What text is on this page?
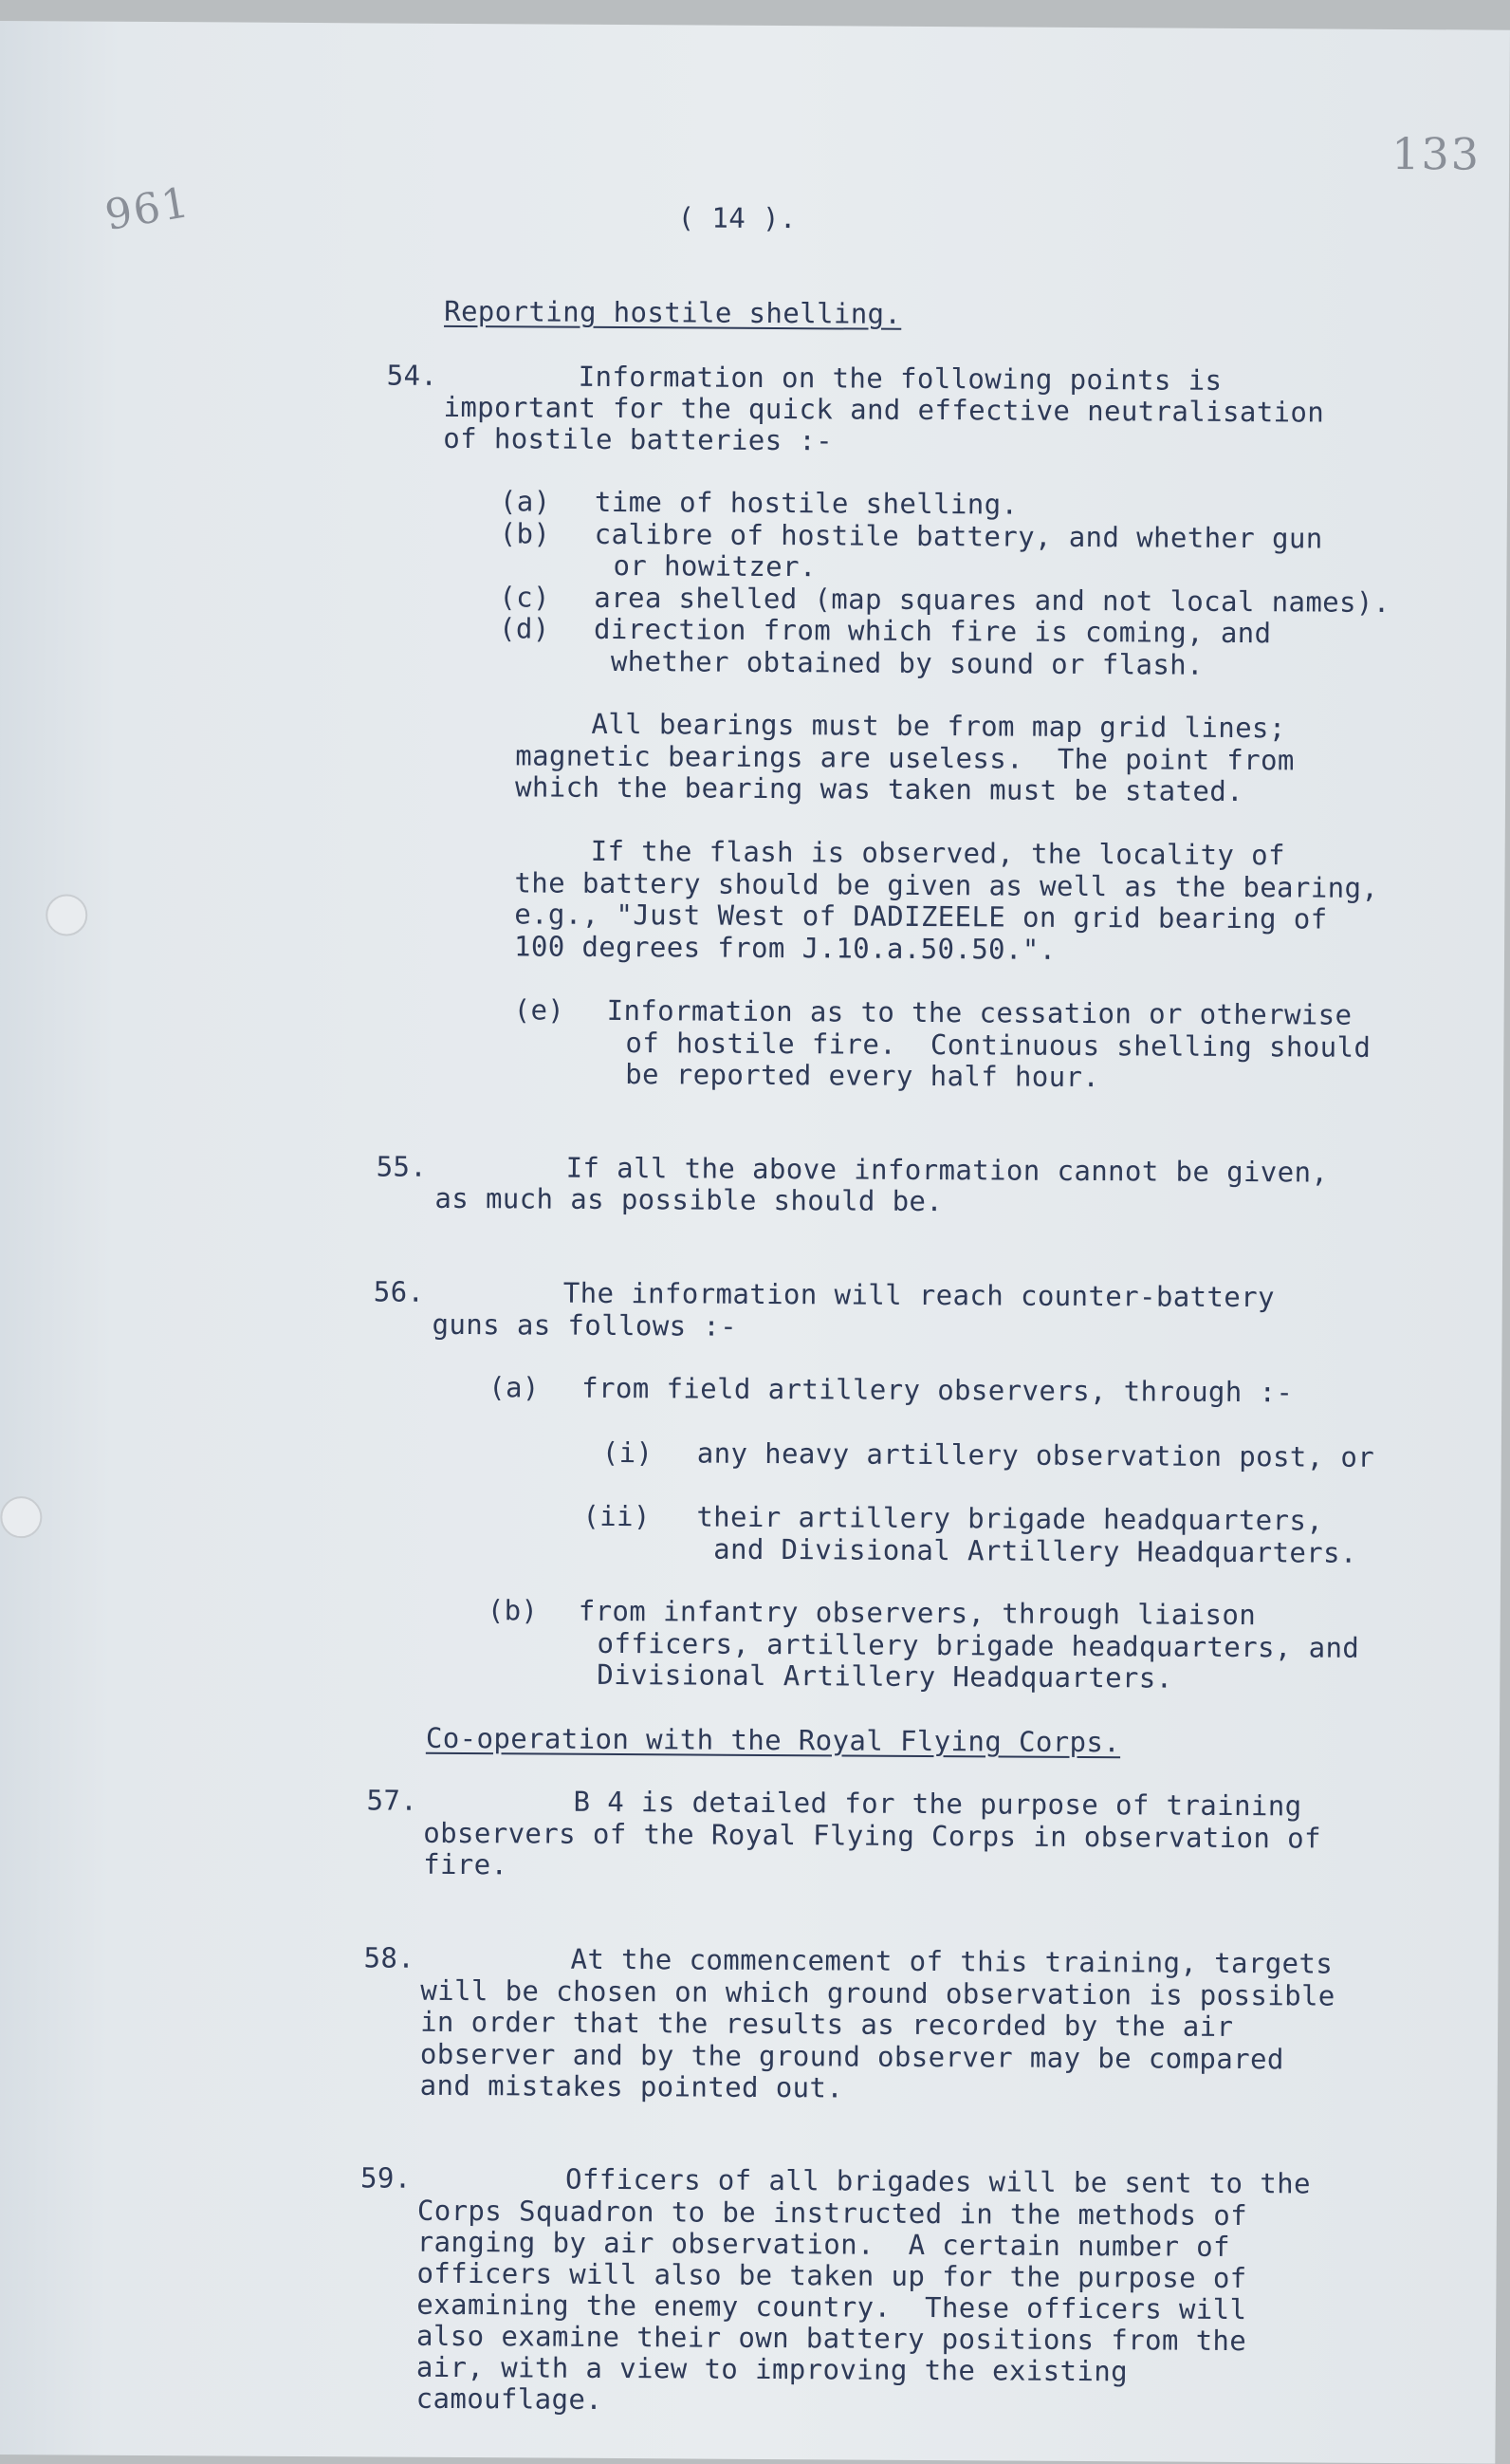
961
133
( 14 ).
Reporting hostile shelling.
54.	Information on the following points is
important for the quick and effective neutralisation
of hostile batteries :-
(a) time of hostile shelling.
(b) calibre of hostile battery, and whether gun
or howitzer.
(c) area shelled (map squares and not local names).
(d) direction from which fire is coming, and
whether obtained by sound or flash.
All bearings must be from map grid lines;
magnetic bearings are useless.  The point from
which the bearing was taken must be stated.
If the flash is observed, the locality of
the battery should be given as well as the bearing,
e.g., "Just West of DADIZEELE on grid bearing of
100 degrees from J.10.a.50.50.".
(e) Information as to the cessation or otherwise
of hostile fire.  Continuous shelling should
be reported every half hour.
55.	If all the above information cannot be given,
as much as possible should be.
56.	The information will reach counter-battery
guns as follows :-
(a) from field artillery observers, through :-
(i) any heavy artillery observation post, or
(ii) their artillery brigade headquarters,
and Divisional Artillery Headquarters.
(b) from infantry observers, through liaison
officers, artillery brigade headquarters, and
Divisional Artillery Headquarters.
Co-operation with the Royal Flying Corps.
57.	B 4 is detailed for the purpose of training
observers of the Royal Flying Corps in observation of
fire.
58.	At the commencement of this training, targets
will be chosen on which ground observation is possible
in order that the results as recorded by the air
observer and by the ground observer may be compared
and mistakes pointed out.
59.	Officers of all brigades will be sent to the
Corps Squadron to be instructed in the methods of
ranging by air observation.  A certain number of
officers will also be taken up for the purpose of
examining the enemy country.  These officers will
also examine their own battery positions from the
air, with a view to improving the existing
camouflage.
